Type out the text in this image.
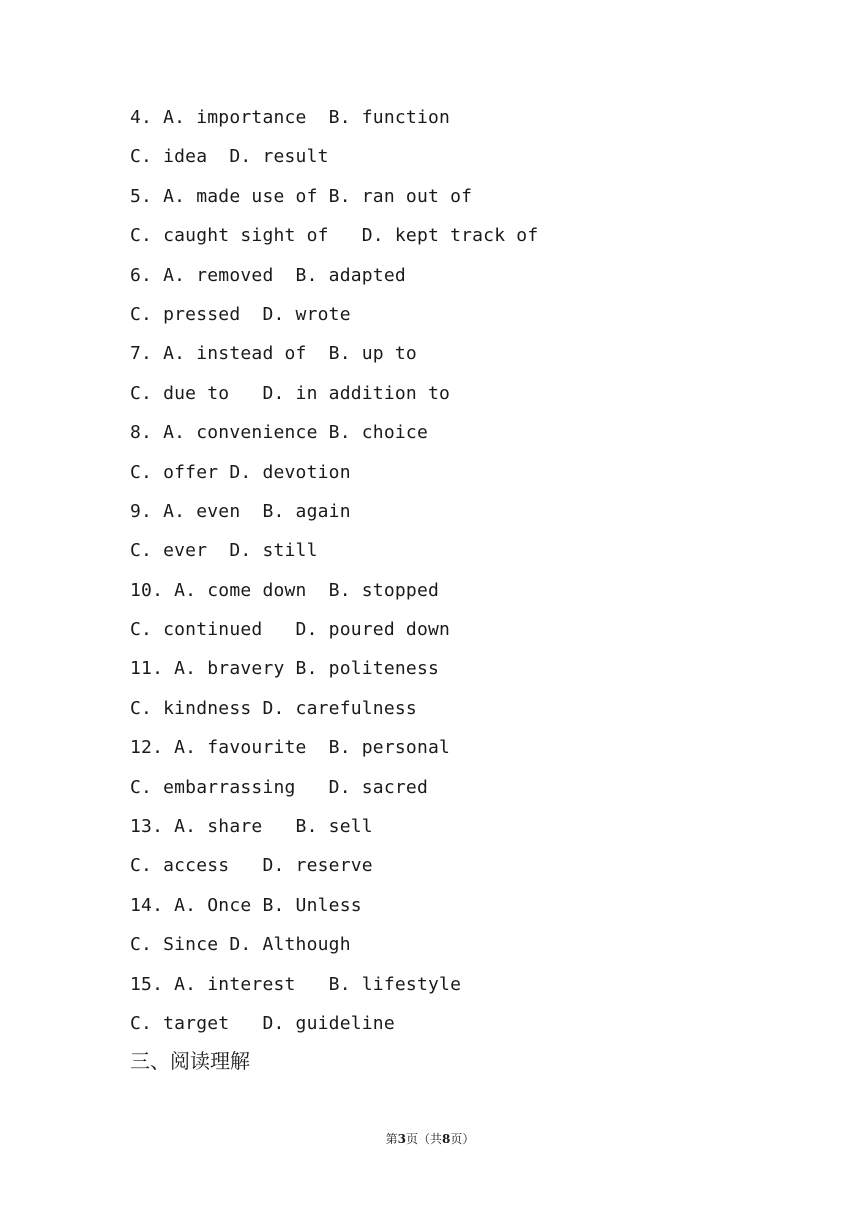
4. A. importance  B. function
C. idea  D. result
5. A. made use of B. ran out of
C. caught sight of   D. kept track of
6. A. removed  B. adapted
C. pressed  D. wrote
7. A. instead of  B. up to
C. due to   D. in addition to
8. A. convenience B. choice
C. offer D. devotion
9. A. even  B. again
C. ever  D. still
10. A. come down  B. stopped
C. continued   D. poured down
11. A. bravery B. politeness
C. kindness D. carefulness
12. A. favourite  B. personal
C. embarrassing   D. sacred
13. A. share   B. sell
C. access   D. reserve
14. A. Once B. Unless
C. Since D. Although
15. A. interest   B. lifestyle
C. target   D. guideline
三、阅读理解
第3页（共8页）
